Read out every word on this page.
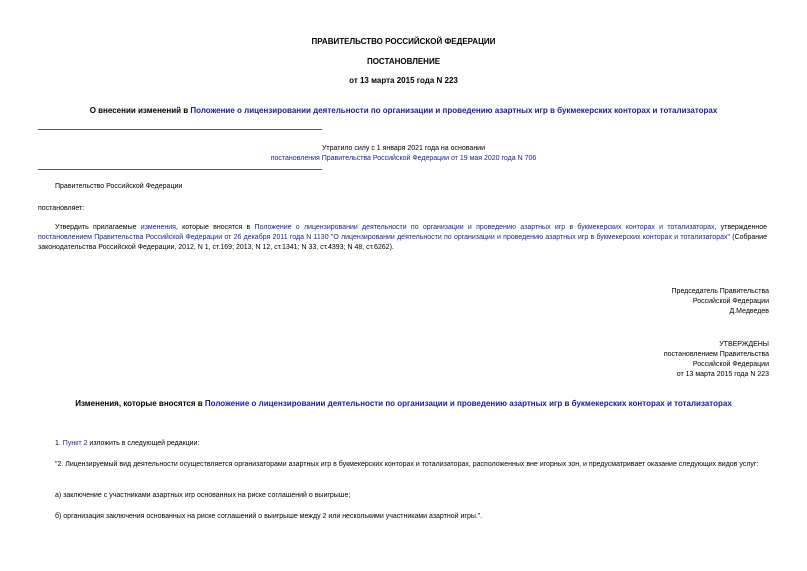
ПРАВИТЕЛЬСТВО РОССИЙСКОЙ ФЕДЕРАЦИИ
ПОСТАНОВЛЕНИЕ
от 13 марта 2015 года N 223
О внесении изменений в Положение о лицензировании деятельности по организации и проведению азартных игр в букмекерских конторах и тотализаторах
Утратило силу с 1 января 2021 года на основании
постановления Правительства Российской Федерации от 19 мая 2020 года N 706
Правительство Российской Федерации
постановляет:
Утвердить прилагаемые изменения, которые вносятся в Положение о лицензировании деятельности по организации и проведению азартных игр в букмекерских конторах и тотализаторах, утвержденное постановлением Правительства Российской Федерации от 26 декабря 2011 года N 1130 "О лицензировании деятельности по организации и проведению азартных игр в букмекерских конторах и тотализаторах" (Собрание законодательства Российской Федерации, 2012, N 1, ст.169; 2013, N 12, ст.1341; N 33, ст.4393; N 48, ст.6262).
Председатель Правительства
Российской Федерации
Д.Медведев
УТВЕРЖДЕНЫ
постановлением Правительства
Российской Федерации
от 13 марта 2015 года N 223
Изменения, которые вносятся в Положение о лицензировании деятельности по организации и проведению азартных игр в букмекерских конторах и тотализаторах
1. Пункт 2 изложить в следующей редакции:
"2. Лицензируемый вид деятельности осуществляется организаторами азартных игр в букмекерских конторах и тотализаторах, расположенных вне игорных зон, и предусматривает оказание следующих видов услуг:
а) заключение с участниками азартных игр основанных на риске соглашений о выигрыше;
б) организация заключения основанных на риске соглашений о выигрыше между 2 или несколькими участниками азартной игры.".
